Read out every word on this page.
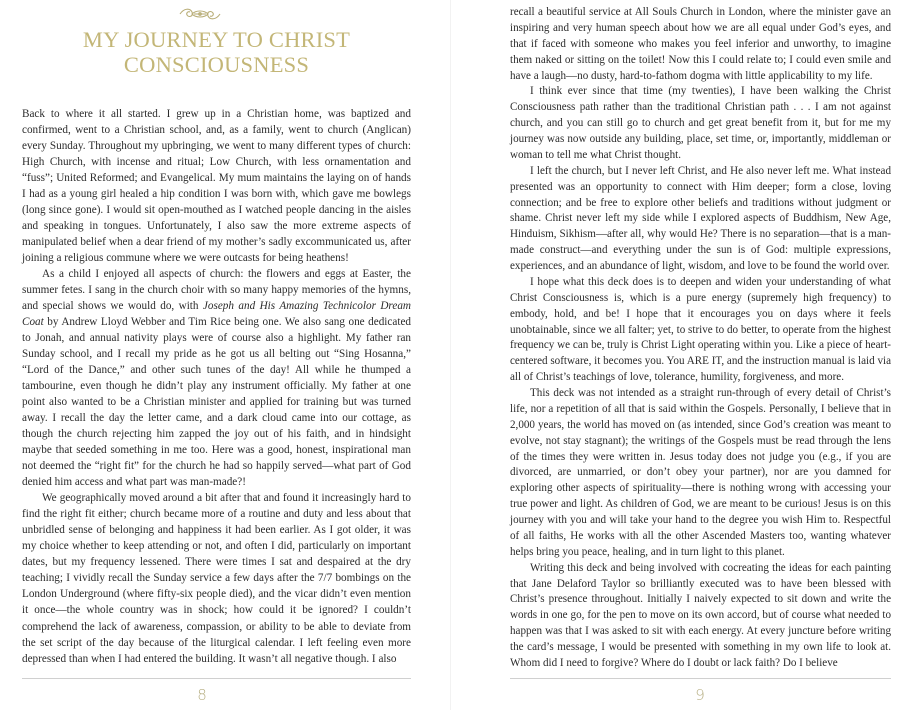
MY JOURNEY TO CHRIST CONSCIOUSNESS

Back to where it all started. I grew up in a Christian home, was baptized and confirmed, went to a Christian school, and, as a family, went to church (Anglican) every Sunday. Throughout my upbringing, we went to many different types of church: High Church, with incense and ritual; Low Church, with less ornamentation and “fuss”; United Reformed; and Evangelical. My mum maintains the laying on of hands I had as a young girl healed a hip condition I was born with, which gave me bowlegs (long since gone). I would sit open-mouthed as I watched people dancing in the aisles and speaking in tongues. Unfortunately, I also saw the more extreme aspects of manipulated belief when a dear friend of my mother’s sadly excommunicated us, after joining a religious commune where we were outcasts for being heathens!

As a child I enjoyed all aspects of church: the flowers and eggs at Easter, the summer fetes. I sang in the church choir with so many happy memories of the hymns, and special shows we would do, with Joseph and His Amazing Technicolor Dream Coat by Andrew Lloyd Webber and Tim Rice being one. We also sang one dedicated to Jonah, and annual nativity plays were of course also a highlight. My father ran Sunday school, and I recall my pride as he got us all belting out “Sing Hosanna,” “Lord of the Dance,” and other such tunes of the day! All while he thumped a tambourine, even though he didn’t play any instrument officially. My father at one point also wanted to be a Christian minister and applied for training but was turned away. I recall the day the letter came, and a dark cloud came into our cottage, as though the church rejecting him zapped the joy out of his faith, and in hindsight maybe that seeded something in me too. Here was a good, honest, inspirational man not deemed the “right fit” for the church he had so happily served—what part of God denied him access and what part was man-made?!

We geographically moved around a bit after that and found it increasingly hard to find the right fit either; church became more of a routine and duty and less about that unbridled sense of belonging and happiness it had been earlier. As I got older, it was my choice whether to keep attending or not, and often I did, particularly on important dates, but my frequency lessened. There were times I sat and despaired at the dry teaching; I vividly recall the Sunday service a few days after the 7/7 bombings on the London Underground (where fifty-six people died), and the vicar didn’t even mention it once—the whole country was in shock; how could it be ignored? I couldn’t comprehend the lack of awareness, compassion, or ability to be able to deviate from the set script of the day because of the liturgical calendar. I left feeling even more depressed than when I had entered the building. It wasn’t all negative though. I also

8

recall a beautiful service at All Souls Church in London, where the minister gave an inspiring and very human speech about how we are all equal under God’s eyes, and that if faced with someone who makes you feel inferior and unworthy, to imagine them naked or sitting on the toilet! Now this I could relate to; I could even smile and have a laugh—no dusty, hard-to-fathom dogma with little applicability to my life.

I think ever since that time (my twenties), I have been walking the Christ Consciousness path rather than the traditional Christian path . . . I am not against church, and you can still go to church and get great benefit from it, but for me my journey was now outside any building, place, set time, or, importantly, middleman or woman to tell me what Christ thought.

I left the church, but I never left Christ, and He also never left me. What instead presented was an opportunity to connect with Him deeper; form a close, loving connection; and be free to explore other beliefs and traditions without judgment or shame. Christ never left my side while I explored aspects of Buddhism, New Age, Hinduism, Sikhism—after all, why would He? There is no separation—that is a man-made construct—and everything under the sun is of God: multiple expressions, experiences, and an abundance of light, wisdom, and love to be found the world over.

I hope what this deck does is to deepen and widen your understanding of what Christ Consciousness is, which is a pure energy (supremely high frequency) to embody, hold, and be! I hope that it encourages you on days where it feels unobtainable, since we all falter; yet, to strive to do better, to operate from the highest frequency we can be, truly is Christ Light operating within you. Like a piece of heart-centered software, it becomes you. You ARE IT, and the instruction manual is laid via all of Christ’s teachings of love, tolerance, humility, forgiveness, and more.

This deck was not intended as a straight run-through of every detail of Christ’s life, nor a repetition of all that is said within the Gospels. Personally, I believe that in 2,000 years, the world has moved on (as intended, since God’s creation was meant to evolve, not stay stagnant); the writings of the Gospels must be read through the lens of the times they were written in. Jesus today does not judge you (e.g., if you are divorced, are unmarried, or don’t obey your partner), nor are you damned for exploring other aspects of spirituality—there is nothing wrong with accessing your true power and light. As children of God, we are meant to be curious! Jesus is on this journey with you and will take your hand to the degree you wish Him to. Respectful of all faiths, He works with all the other Ascended Masters too, wanting whatever helps bring you peace, healing, and in turn light to this planet.

Writing this deck and being involved with cocreating the ideas for each painting that Jane Delaford Taylor so brilliantly executed was to have been blessed with Christ’s presence throughout. Initially I naively expected to sit down and write the words in one go, for the pen to move on its own accord, but of course what needed to happen was that I was asked to sit with each energy. At every juncture before writing the card’s message, I would be presented with something in my own life to look at. Whom did I need to forgive? Where do I doubt or lack faith? Do I believe

9
